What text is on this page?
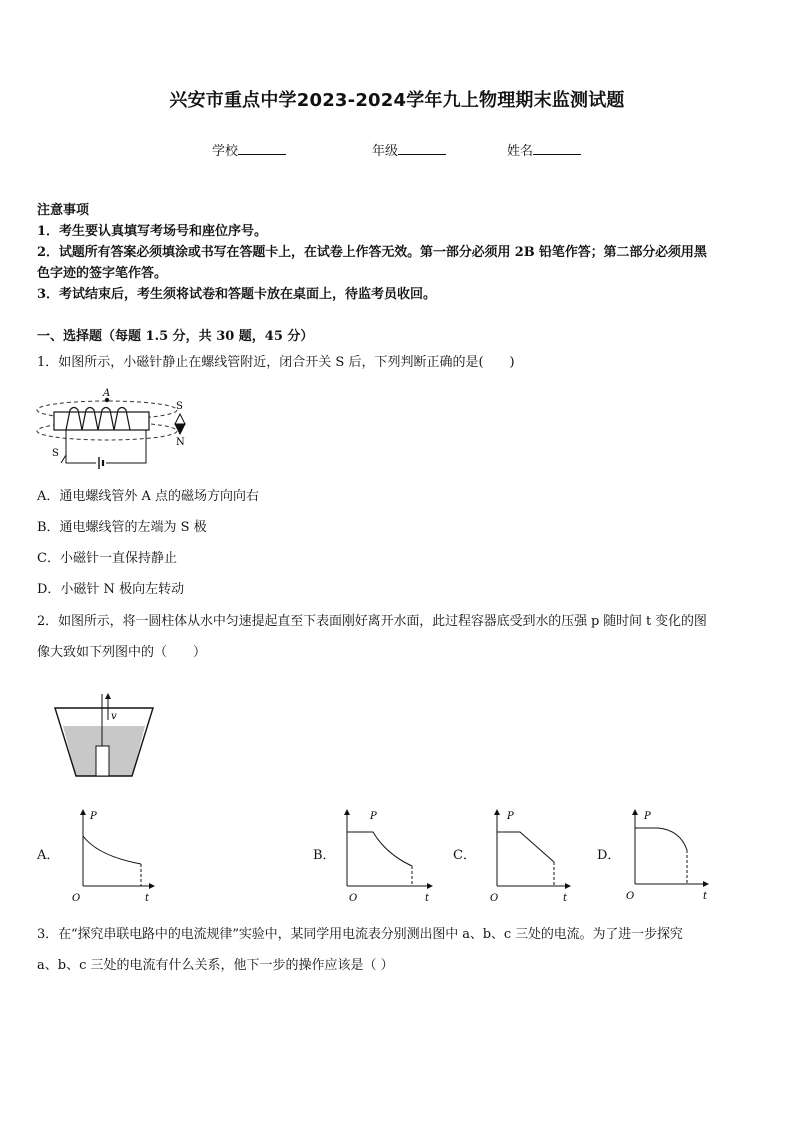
兴安市重点中学2023-2024学年九上物理期末监测试题
学校	年级	姓名
注意事项
1．考生要认真填写考场号和座位序号。
2．试题所有答案必须填涂或书写在答题卡上，在试卷上作答无效。第一部分必须用 2B 铅笔作答；第二部分必须用黑
色字迹的签字笔作答。
3．考试结束后，考生须将试卷和答题卡放在桌面上，待监考员收回。
一、选择题（每题 1.5 分，共 30 题，45 分）
1．如图所示，小磁针静止在螺线管附近，闭合开关 S 后，下列判断正确的是(　　)
A
S
N
S
A．通电螺线管外 A 点的磁场方向向右
B．通电螺线管的左端为 S 极
C．小磁针一直保持静止
D．小磁针 N 极向左转动
2．如图所示，将一圆柱体从水中匀速提起直至下表面刚好离开水面，此过程容器底受到水的压强 p 随时间 t 变化的图
像大致如下列图中的（　　）
v
A．	B．	C．	D．
P
O	t
P
O	t
P
O	t
P
O	t
3．在“探究串联电路中的电流规律”实验中，某同学用电流表分别测出图中 a、b、c 三处的电流。为了进一步探究
a、b、c 三处的电流有什么关系，他下一步的操作应该是（ ）
